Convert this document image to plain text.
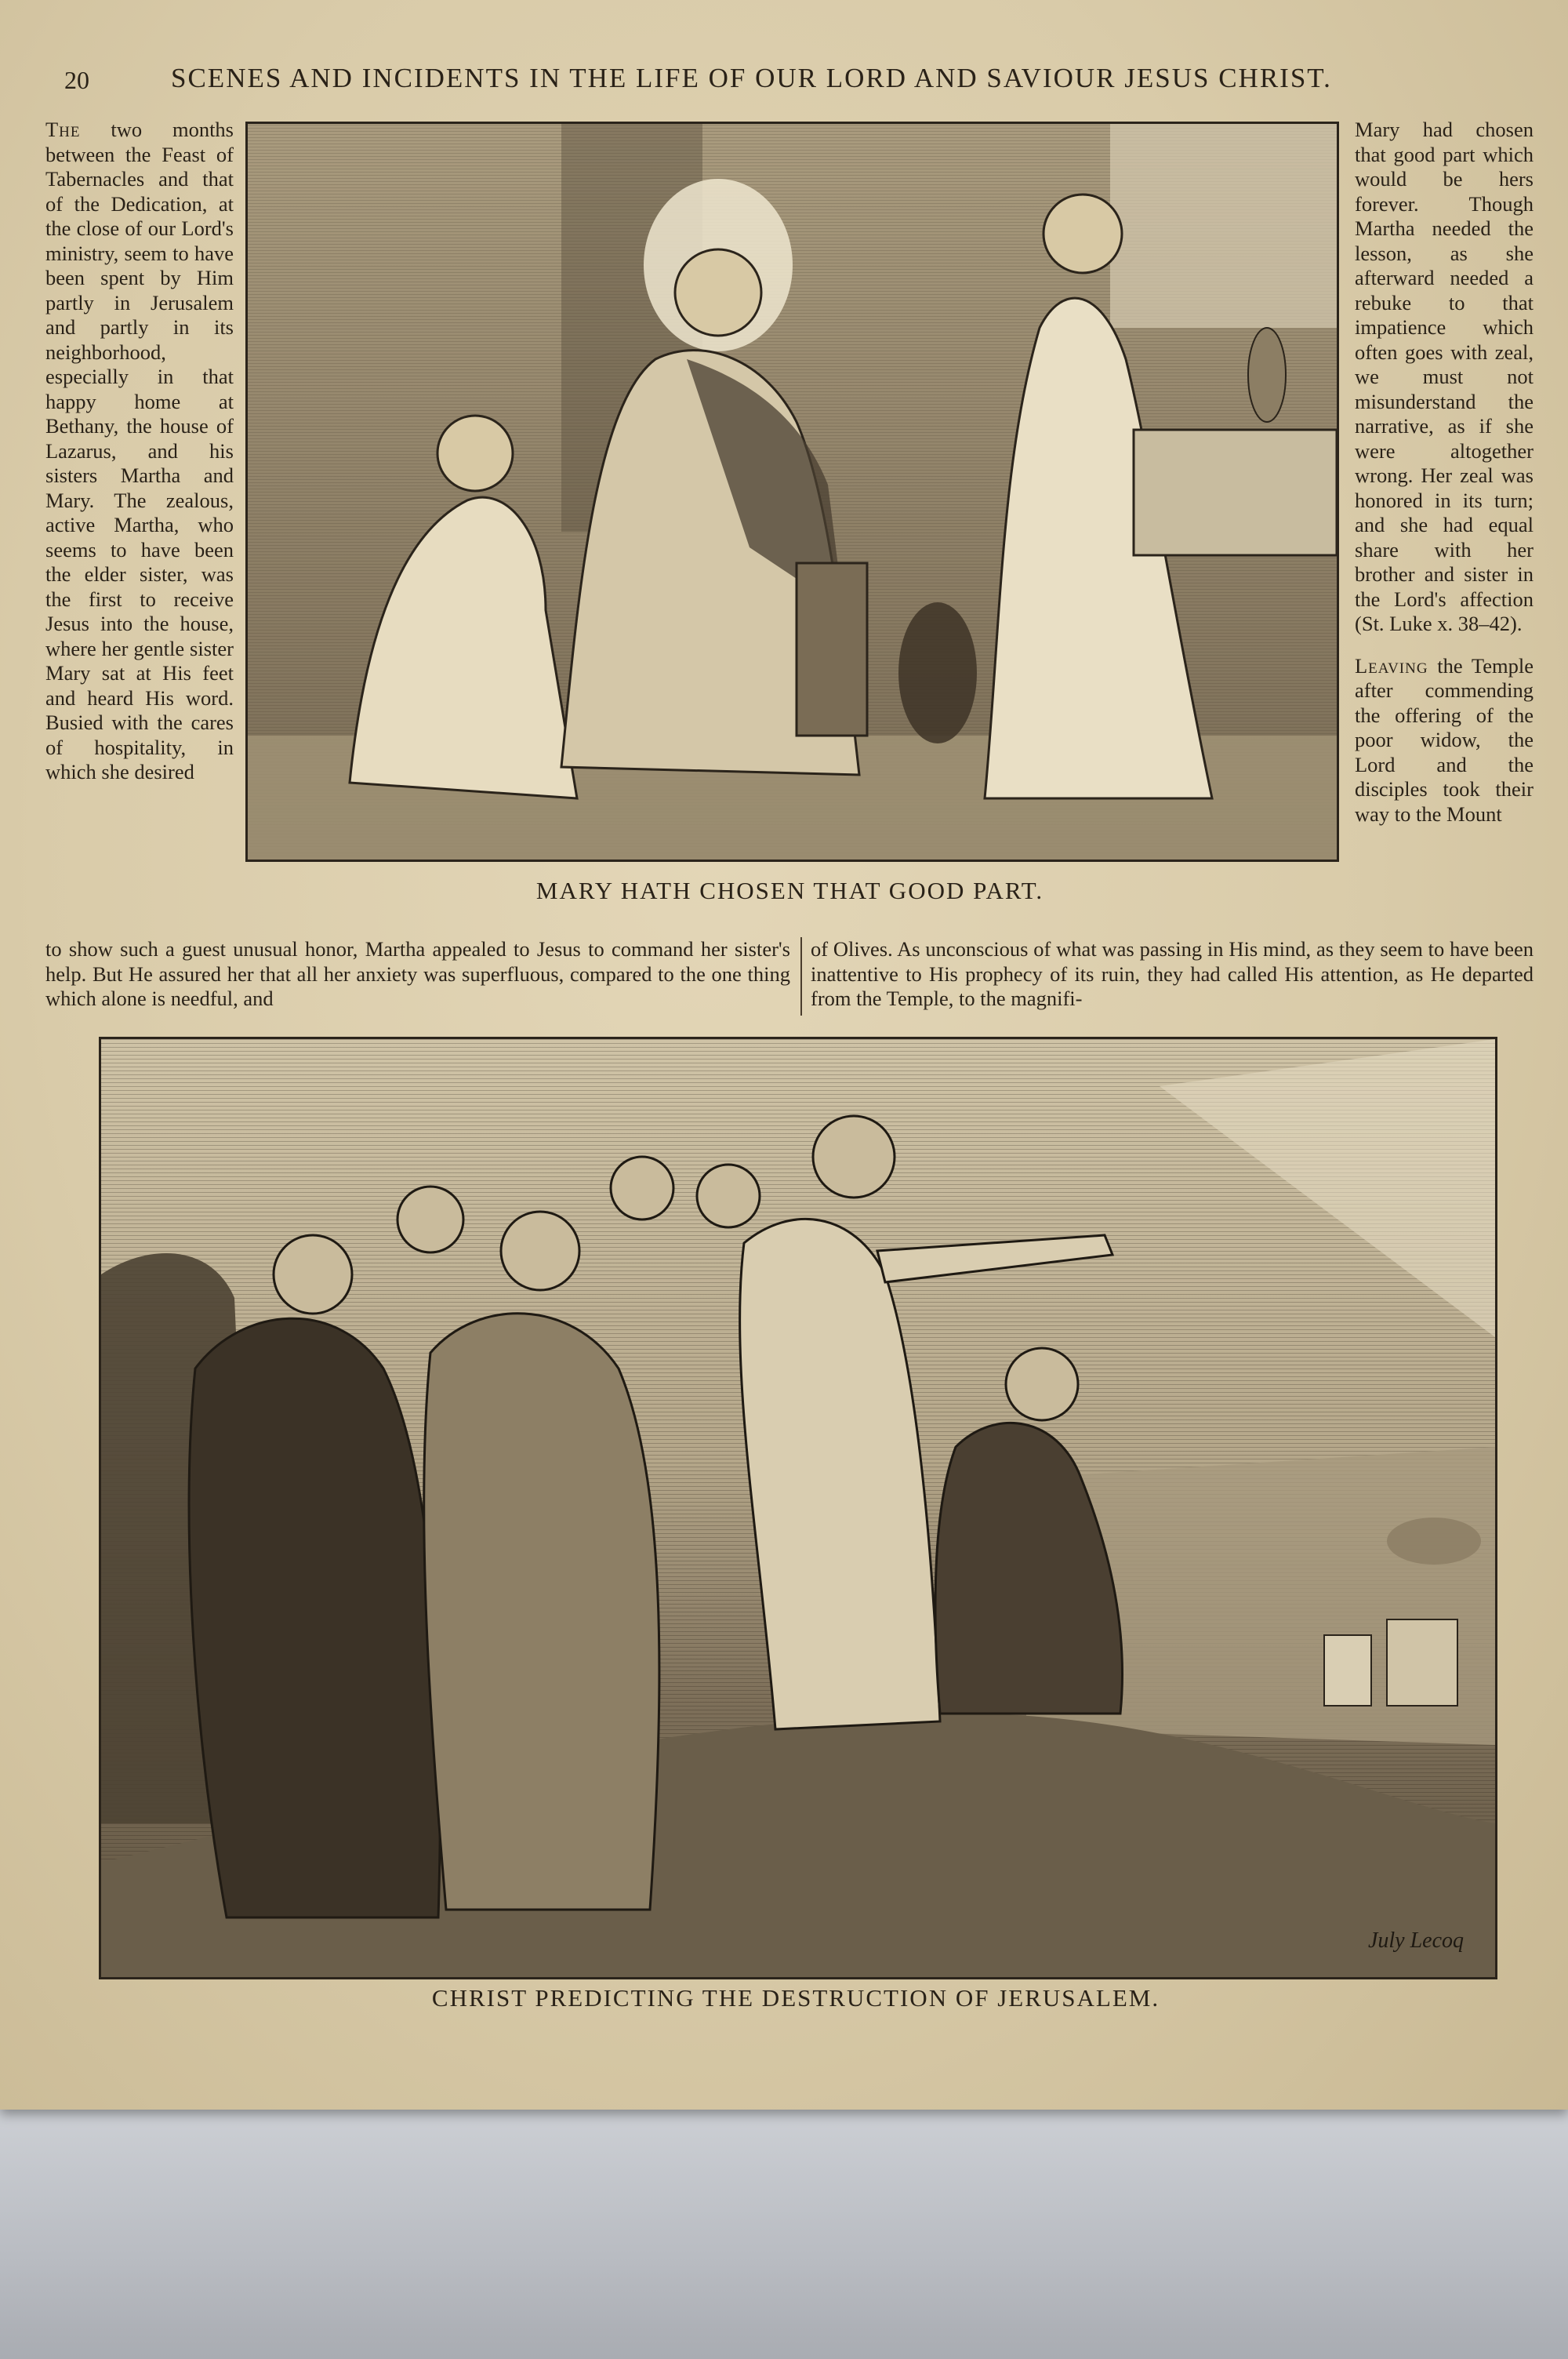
20	SCENES AND INCIDENTS IN THE LIFE OF OUR LORD AND SAVIOUR JESUS CHRIST.

The two months between the Feast of Tabernacles and that of the Dedication, at the close of our Lord's ministry, seem to have been spent by Him partly in Jerusalem and partly in its neighborhood, especially in that happy home at Bethany, the house of Lazarus, and his sisters Martha and Mary. The zealous, active Martha, who seems to have been the elder sister, was the first to receive Jesus into the house, where her gentle sister Mary sat at His feet and heard His word. Busied with the cares of hospitality, in which she desired

MARY HATH CHOSEN THAT GOOD PART.

Mary had chosen that good part which would be hers forever. Though Martha needed the lesson, as she afterward needed a rebuke to that impatience which often goes with zeal, we must not misunderstand the narrative, as if she were altogether wrong. Her zeal was honored in its turn; and she had equal share with her brother and sister in the Lord's affection (St. Luke x. 38–42).

Leaving the Temple after commending the offering of the poor widow, the Lord and the disciples took their way to the Mount

to show such a guest unusual honor, Martha appealed to Jesus to command her sister's help. But He assured her that all her anxiety was superfluous, compared to the one thing which alone is needful, and

of Olives. As unconscious of what was passing in His mind, as they seem to have been inattentive to His prophecy of its ruin, they had called His attention, as He departed from the Temple, to the magnifi-

July Lecoq
CHRIST PREDICTING THE DESTRUCTION OF JERUSALEM.
